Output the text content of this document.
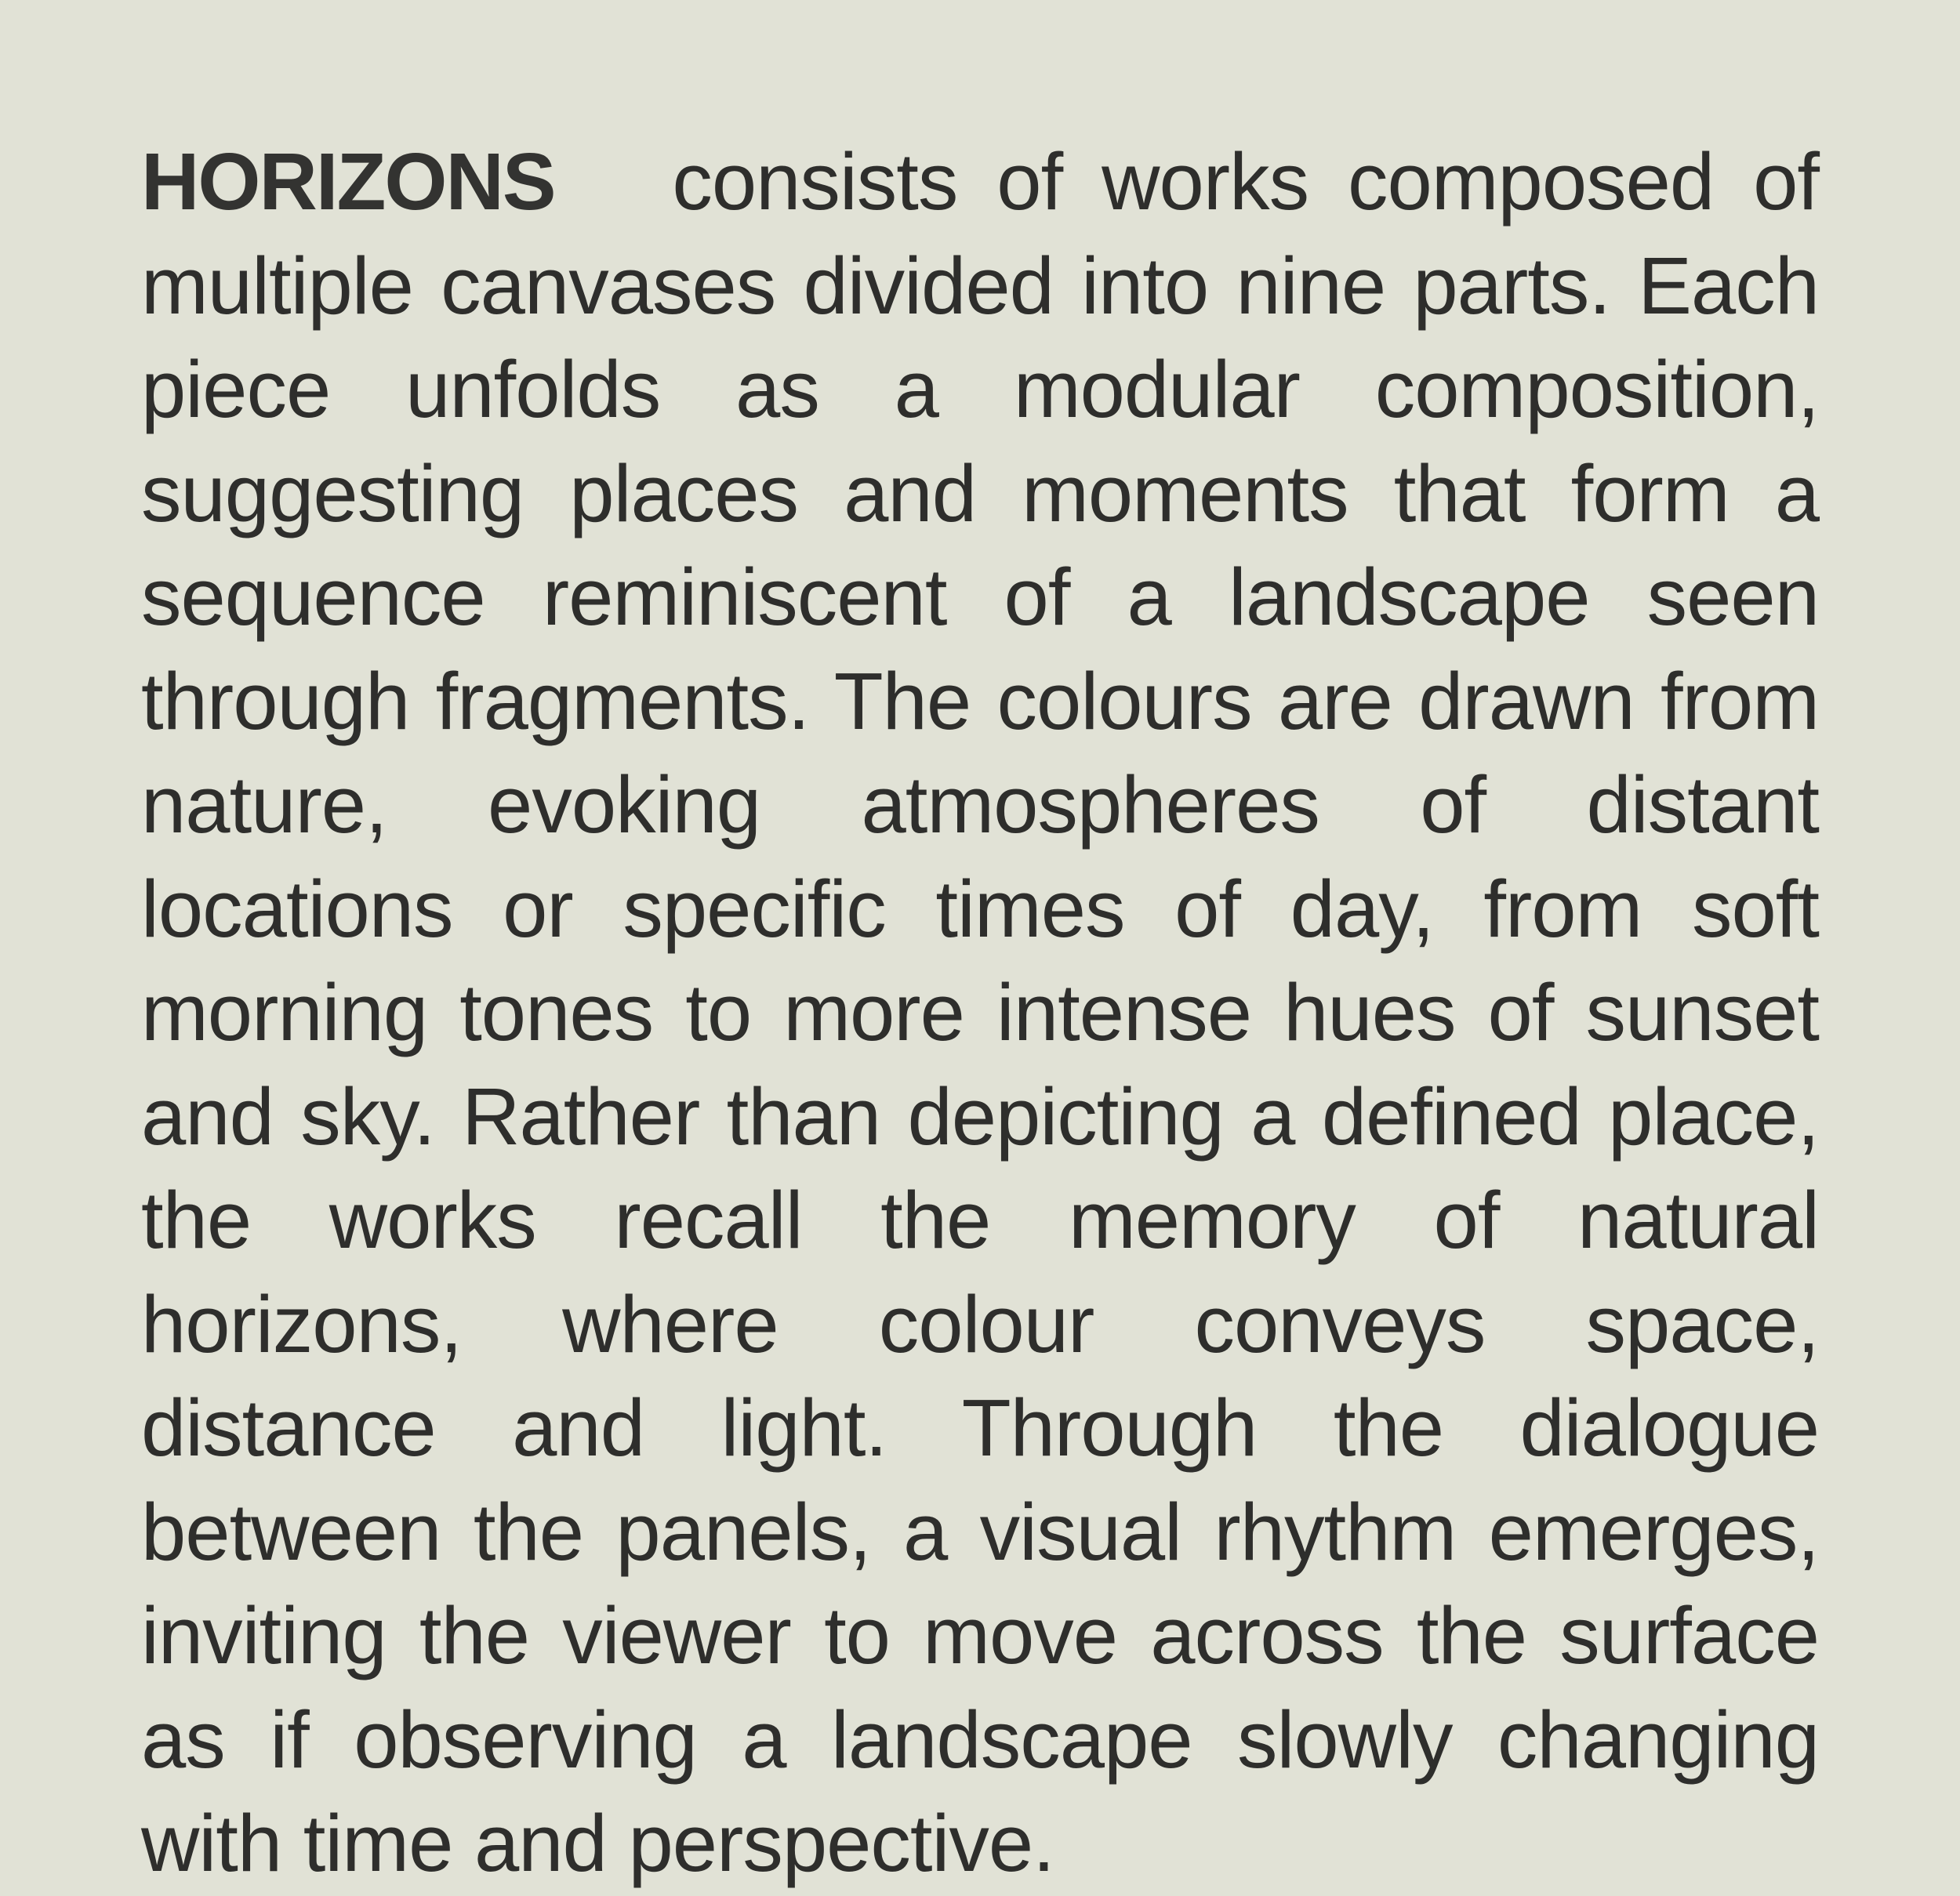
HORIZONS consists of works composed of multiple canvases divided into nine parts. Each piece unfolds as a modular composition, suggesting places and moments that form a sequence reminiscent of a landscape seen through fragments. The colours are drawn from nature, evoking atmospheres of distant locations or specific times of day, from soft morning tones to more intense hues of sunset and sky. Rather than depicting a defined place, the works recall the memory of natural horizons, where colour conveys space, distance and light. Through the dialogue between the panels, a visual rhythm emerges, inviting the viewer to move across the surface as if observing a landscape slowly changing with time and perspective.
